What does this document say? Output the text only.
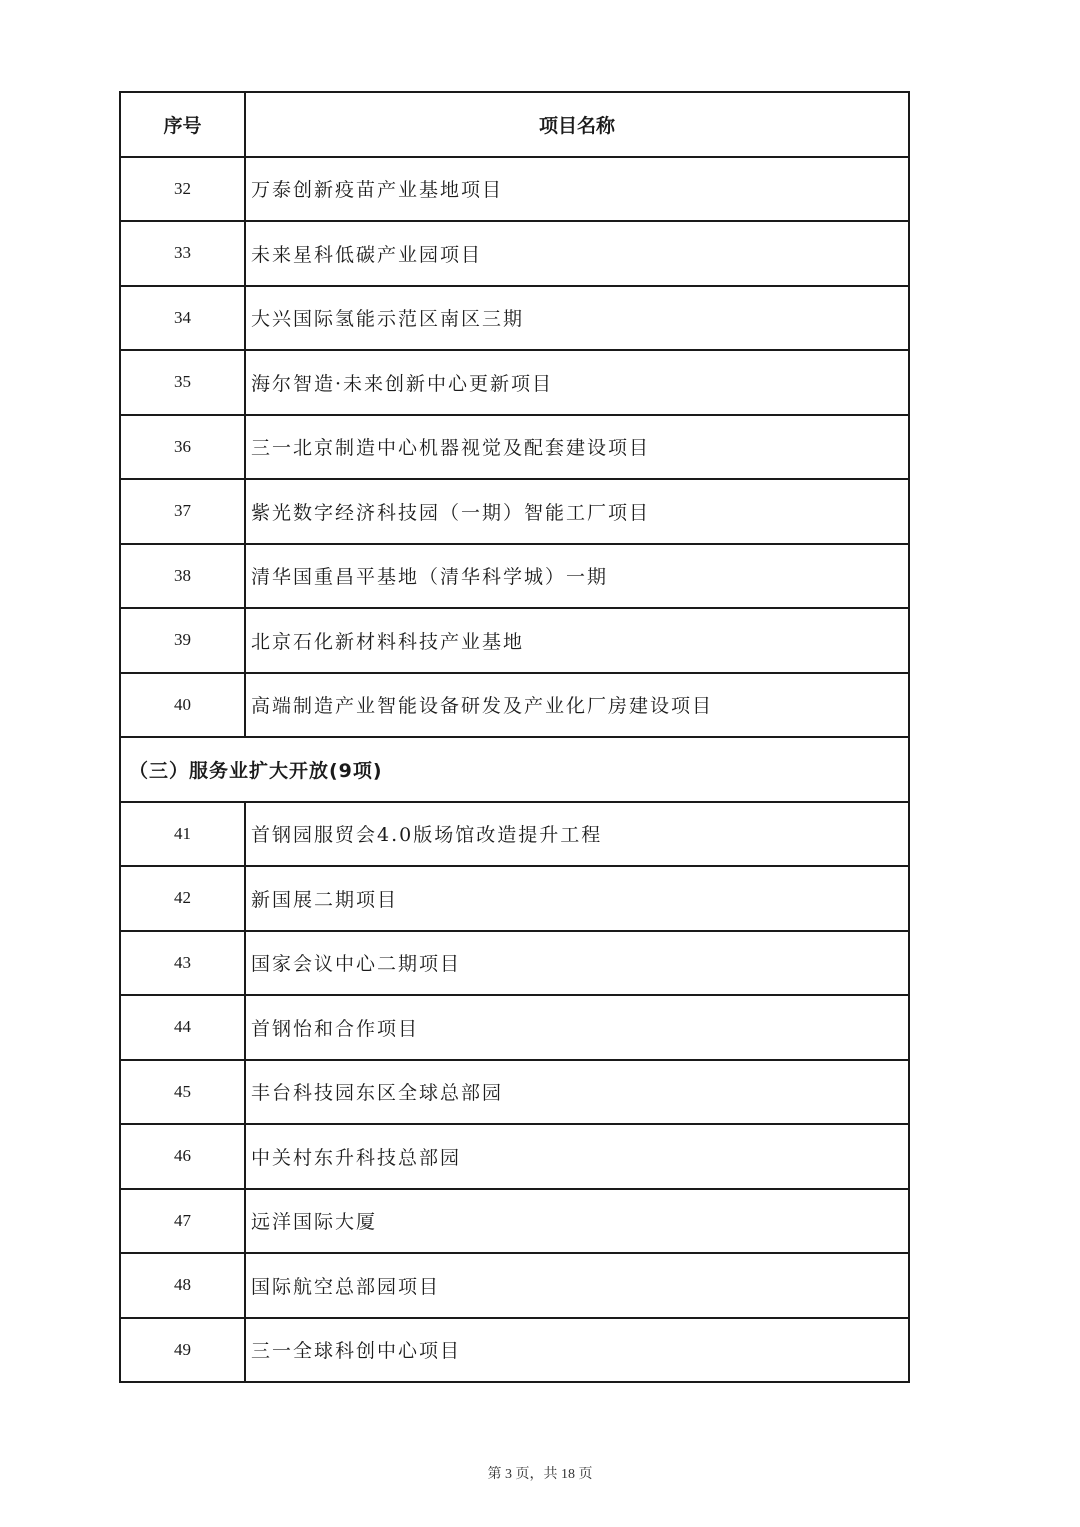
序号	项目名称
32	万泰创新疫苗产业基地项目
33	未来星科低碳产业园项目
34	大兴国际氢能示范区南区三期
35	海尔智造·未来创新中心更新项目
36	三一北京制造中心机器视觉及配套建设项目
37	紫光数字经济科技园（一期）智能工厂项目
38	清华国重昌平基地（清华科学城）一期
39	北京石化新材料科技产业基地
40	高端制造产业智能设备研发及产业化厂房建设项目
（三）服务业扩大开放(9项)	
41	首钢园服贸会4.0版场馆改造提升工程
42	新国展二期项目
43	国家会议中心二期项目
44	首钢怡和合作项目
45	丰台科技园东区全球总部园
46	中关村东升科技总部园
47	远洋国际大厦
48	国际航空总部园项目
49	三一全球科创中心项目
第 3 页，共 18 页
